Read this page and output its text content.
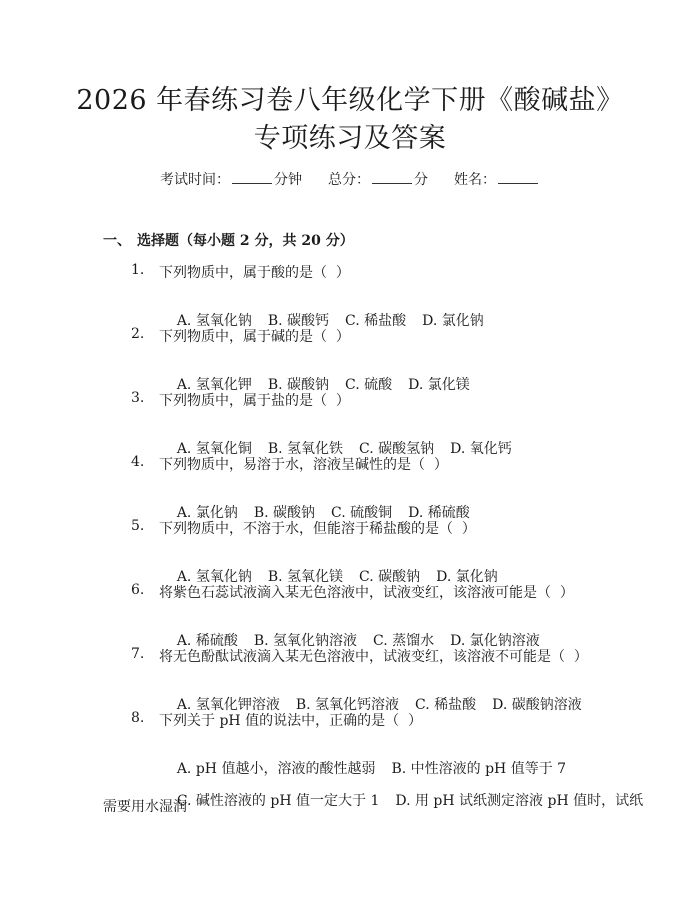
2026 年春练习卷八年级化学下册《酸碱盐》
专项练习及答案
考试时间：	分钟 总分：	分 姓名：
一、 选择题（每小题 2 分，共 20 分）
1. 下列物质中，属于酸的是（  ）

A. 氢氧化钠 B. 碳酸钙 C. 稀盐酸 D. 氯化钠

2. 下列物质中，属于碱的是（  ）

A. 氢氧化钾 B. 碳酸钠 C. 硫酸 D. 氯化镁

3. 下列物质中，属于盐的是（  ）

A. 氢氧化铜 B. 氢氧化铁 C. 碳酸氢钠 D. 氧化钙

4. 下列物质中，易溶于水，溶液呈碱性的是（  ）

A. 氯化钠 B. 碳酸钠 C. 硫酸铜 D. 稀硫酸

5. 下列物质中，不溶于水，但能溶于稀盐酸的是（  ）

A. 氢氧化钠 B. 氢氧化镁 C. 碳酸钠 D. 氯化钠

6. 将紫色石蕊试液滴入某无色溶液中，试液变红，该溶液可能是（  ）

A. 稀硫酸 B. 氢氧化钠溶液 C. 蒸馏水 D. 氯化钠溶液

7. 将无色酚酞试液滴入某无色溶液中，试液变红，该溶液不可能是（  ）

A. 氢氧化钾溶液 B. 氢氧化钙溶液 C. 稀盐酸 D. 碳酸钠溶液

8. 下列关于 pH 值的说法中，正确的是（  ）

A. pH 值越小，溶液的酸性越弱 B. 中性溶液的 pH 值等于 7

C. 碱性溶液的 pH 值一定大于 1 D. 用 pH 试纸测定溶液 pH 值时，试纸

需要用水湿润
